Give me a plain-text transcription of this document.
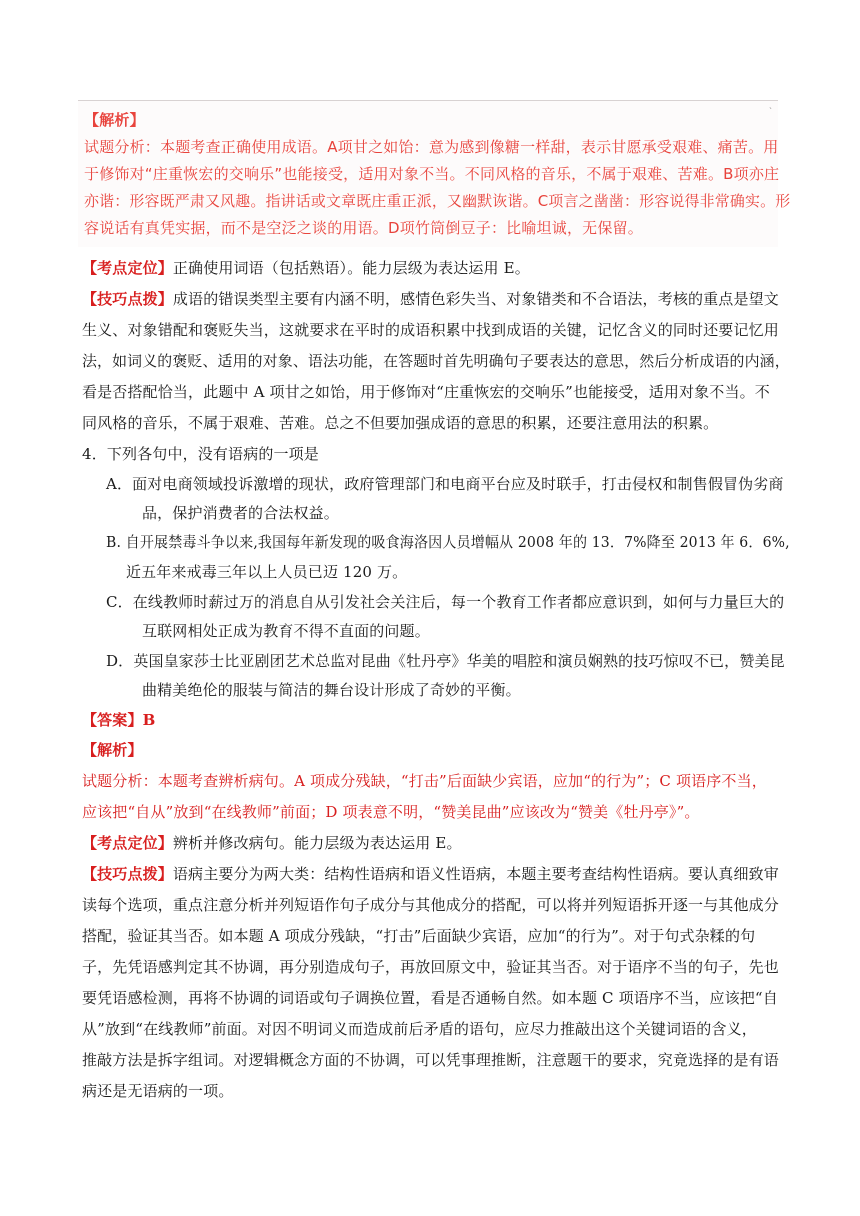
ˎ
【解析】
试题分析：本题考查正确使用成语。A项甘之如饴：意为感到像糖一样甜，表示甘愿承受艰难、痛苦。用
于修饰对“庄重恢宏的交响乐”也能接受，适用对象不当。不同风格的音乐，不属于艰难、苦难。B项亦庄
亦谐：形容既严肃又风趣。指讲话或文章既庄重正派，又幽默诙谐。C项言之凿凿：形容说得非常确实。形
容说话有真凭实据，而不是空泛之谈的用语。D项竹筒倒豆子：比喻坦诚，无保留。
【考点定位】正确使用词语（包括熟语）。能力层级为表达运用 E。
【技巧点拨】成语的错误类型主要有内涵不明，感情色彩失当、对象错类和不合语法，考核的重点是望文
生义、对象错配和褒贬失当，这就要求在平时的成语积累中找到成语的关键，记忆含义的同时还要记忆用
法，如词义的褒贬、适用的对象、语法功能，在答题时首先明确句子要表达的意思，然后分析成语的内涵，
看是否搭配恰当，此题中 A 项甘之如饴，用于修饰对“庄重恢宏的交响乐”也能接受，适用对象不当。不
同风格的音乐，不属于艰难、苦难。总之不但要加强成语的意思的积累，还要注意用法的积累。
4．下列各句中，没有语病的一项是
A．面对电商领域投诉激增的现状，政府管理部门和电商平台应及时联手，打击侵权和制售假冒伪劣商
品，保护消费者的合法权益。
B. 自开展禁毒斗争以来,我国每年新发现的吸食海洛因人员增幅从 2008 年的 13．7%降至 2013 年 6．6%,
近五年来戒毒三年以上人员已迈 120 万。
C．在线教师时薪过万的消息自从引发社会关注后，每一个教育工作者都应意识到，如何与力量巨大的
互联网相处正成为教育不得不直面的问题。
D．英国皇家莎士比亚剧团艺术总监对昆曲《牡丹亭》华美的唱腔和演员娴熟的技巧惊叹不已，赞美昆
曲精美绝伦的服装与简洁的舞台设计形成了奇妙的平衡。
【答案】B
【解析】
试题分析：本题考查辨析病句。A 项成分残缺，“打击”后面缺少宾语，应加“的行为”；C 项语序不当，
应该把“自从”放到“在线教师”前面；D 项表意不明，“赞美昆曲”应该改为“赞美《牡丹亭》”。
【考点定位】辨析并修改病句。能力层级为表达运用 E。
【技巧点拨】语病主要分为两大类：结构性语病和语义性语病，本题主要考查结构性语病。要认真细致审
读每个选项，重点注意分析并列短语作句子成分与其他成分的搭配，可以将并列短语拆开逐一与其他成分
搭配，验证其当否。如本题 A 项成分残缺，“打击”后面缺少宾语，应加“的行为”。对于句式杂糅的句
子，先凭语感判定其不协调，再分别造成句子，再放回原文中，验证其当否。对于语序不当的句子，先也
要凭语感检测，再将不协调的词语或句子调换位置，看是否通畅自然。如本题 C 项语序不当，应该把“自
从”放到“在线教师”前面。对因不明词义而造成前后矛盾的语句，应尽力推敲出这个关键词语的含义，
推敲方法是拆字组词。对逻辑概念方面的不协调，可以凭事理推断，注意题干的要求，究竟选择的是有语
病还是无语病的一项。
